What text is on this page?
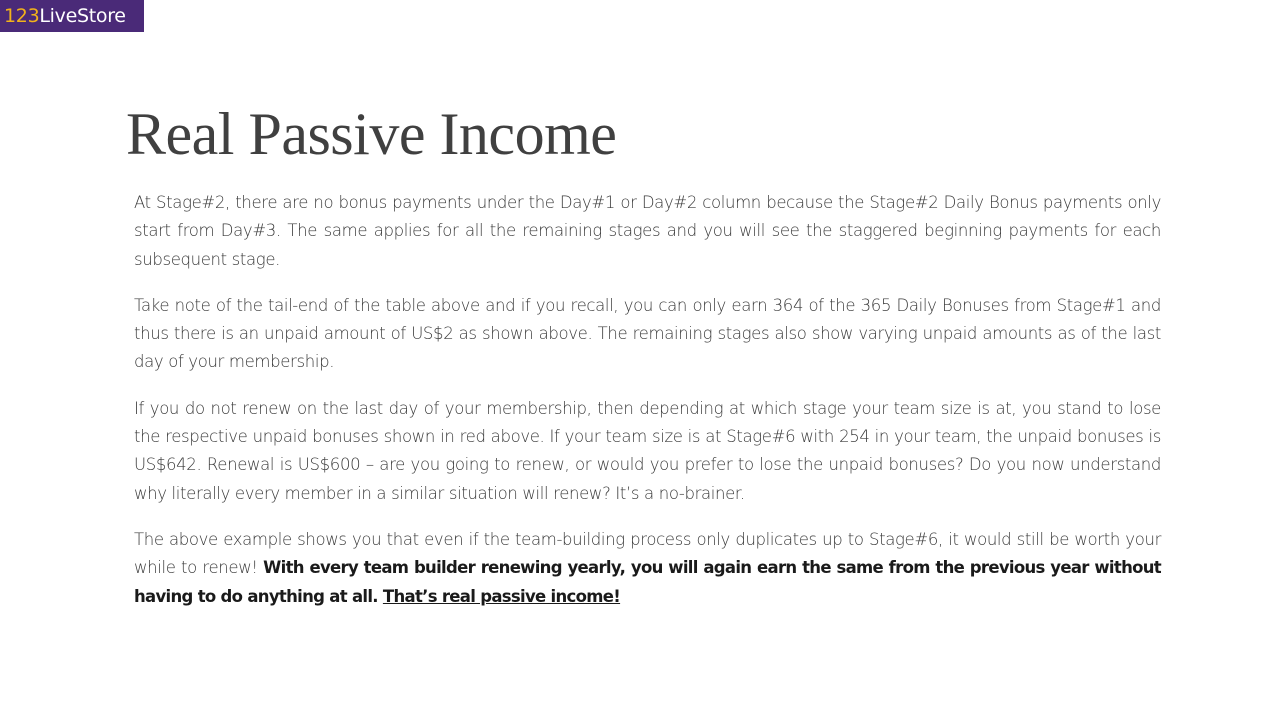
123LiveStore
Real Passive Income

At Stage#2, there are no bonus payments under the Day#1 or Day#2 column because the Stage#2 Daily Bonus payments only start from Day#3. The same applies for all the remaining stages and you will see the staggered beginning payments for each subsequent stage.

Take note of the tail-end of the table above and if you recall, you can only earn 364 of the 365 Daily Bonuses from Stage#1 and thus there is an unpaid amount of US$2 as shown above. The remaining stages also show varying unpaid amounts as of the last day of your membership.

If you do not renew on the last day of your membership, then depending at which stage your team size is at, you stand to lose the respective unpaid bonuses shown in red above. If your team size is at Stage#6 with 254 in your team, the unpaid bonuses is US$642. Renewal is US$600 – are you going to renew, or would you prefer to lose the unpaid bonuses? Do you now understand why literally every member in a similar situation will renew? It’s a no-brainer.

The above example shows you that even if the team-building process only duplicates up to Stage#6, it would still be worth your while to renew! With every team builder renewing yearly, you will again earn the same from the previous year without having to do anything at all. That’s real passive income!
